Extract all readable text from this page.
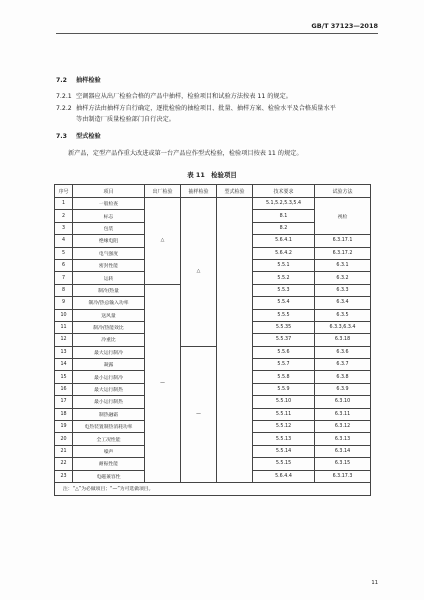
GB/T 37123—2018
7.2 抽样检验
7.2.1 空调器应从出厂检验合格的产品中抽样，检验项目和试验方法按表 11 的规定。
7.2.2 抽样方法由抽样方自行确定，逐批检验的抽检项目、批量、抽样方案、检验水平及合格质量水平
等由制造厂质量检验部门自行决定。
7.3 型式检验
新产品，定型产品作重大改进或第一台产品应作型式检验，检验项目按表 11 的规定。
表 11　检验项目
序号	项目	出厂检验	抽样检验	型式检验	技术要求	试验方法
1	一般检查	△	△		5.1,5.2,5.3,5.4	视检
2	标志				8.1	
3	包装				8.2	
4	绝缘电阻				5.6.4.1	6.3.17.1
5	电气强度				5.6.4.2	6.3.17.2
6	密封性能				5.5.1	6.3.1
7	运转				5.5.2	6.3.2
8	制冷/热量	—			5.5.3	6.3.3
9	制冷/热总输入功率				5.5.4	6.3.4
10	送风量				5.5.5	6.3.5
11	制冷/热能效比				5.5.35	6.3.3,6.3.4
12	冷重比				5.5.37	6.3.18
13	最大运行制冷		—		5.5.6	6.3.6
14	凝露				5.5.7	6.3.7
15	最小运行制冷				5.5.8	6.3.8
16	最大运行制热				5.5.9	6.3.9
17	最小运行制热				5.5.10	6.3.10
18	制热融霜				5.5.11	6.3.11
19	电热装置制热消耗功率				5.5.12	6.3.12
20	全工况性能				5.5.13	6.3.13
21	噪声				5.5.14	6.3.14
22	耐振性能				5.5.15	6.3.15
23	电磁兼容性				5.6.4.4	6.3.17.3
注：“△”为必做项目；“—”为可选做项目。						
11
